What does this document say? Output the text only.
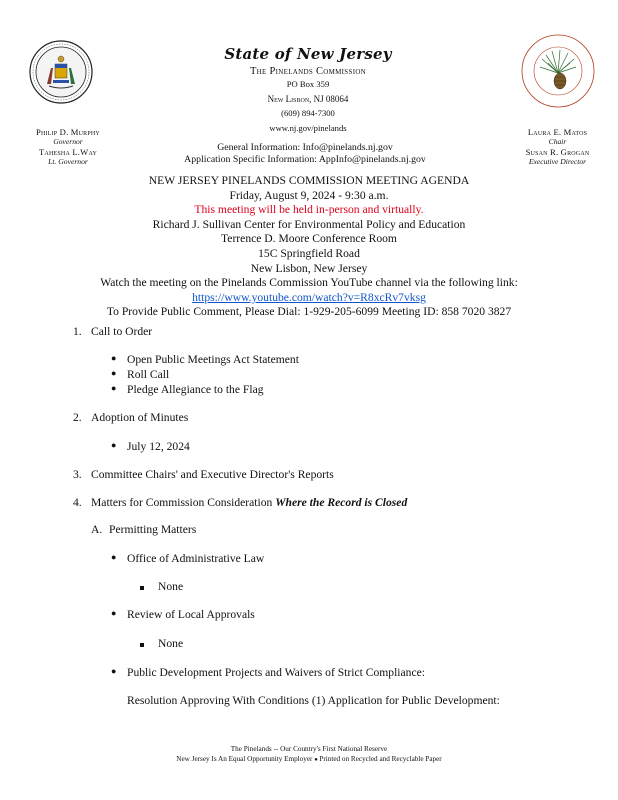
State of New Jersey
The Pinelands Commission
PO Box 359
New Lisbon, NJ 08064
(609) 894-7300
www.nj.gov/pinelands
Philip D. Murphy
Governor
Tahesha L.Way
Lt. Governor
Laura E. Matos
Chair
Susan R. Grogan
Executive Director
General Information: Info@pinelands.nj.gov
Application Specific Information: AppInfo@pinelands.nj.gov
NEW JERSEY PINELANDS COMMISSION MEETING AGENDA
Friday, August 9, 2024 - 9:30 a.m.
This meeting will be held in-person and virtually.
Richard J. Sullivan Center for Environmental Policy and Education
Terrence D. Moore Conference Room
15C Springfield Road
New Lisbon, New Jersey
Watch the meeting on the Pinelands Commission YouTube channel via the following link:
https://www.youtube.com/watch?v=R8xcRv7vksg
To Provide Public Comment, Please Dial: 1-929-205-6099 Meeting ID: 858 7020 3827
1. Call to Order
● Open Public Meetings Act Statement
● Roll Call
● Pledge Allegiance to the Flag
2. Adoption of Minutes
● July 12, 2024
3. Committee Chairs' and Executive Director's Reports
4. Matters for Commission Consideration Where the Record is Closed
A. Permitting Matters
● Office of Administrative Law
None
● Review of Local Approvals
None
● Public Development Projects and Waivers of Strict Compliance:
Resolution Approving With Conditions (1) Application for Public Development:
The Pinelands -- Our Country's First National Reserve
New Jersey Is An Equal Opportunity Employer ● Printed on Recycled and Recyclable Paper
